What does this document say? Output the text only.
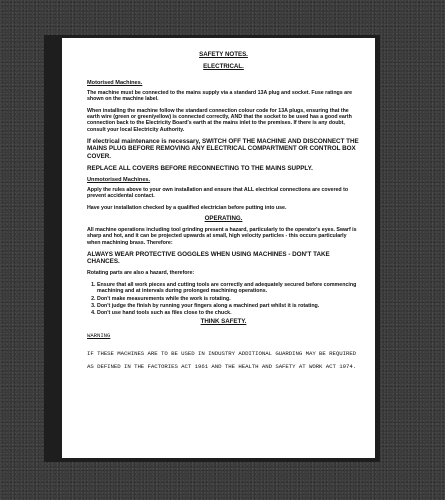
SAFETY NOTES.

ELECTRICAL.

Motorised Machines.

The machine must be connected to the mains supply via a standard 13A plug and socket. Fuse ratings are shown on the machine label.

When installing the machine follow the standard connection colour code for 13A plugs, ensuring that the earth wire (green or green/yellow) is connected correctly, AND that the socket to be used has a good earth connection back to the Electricity Board's earth at the mains inlet to the premises. If there is any doubt, consult your local Electricity Authority.

If electrical maintenance is necessary, SWITCH OFF THE MACHINE AND DISCONNECT THE MAINS PLUG BEFORE REMOVING ANY ELECTRICAL COMPARTMENT OR CONTROL BOX COVER.

REPLACE ALL COVERS BEFORE RECONNECTING TO THE MAINS SUPPLY.

Unmotorised Machines.

Apply the rules above to your own installation and ensure that ALL electrical connections are covered to prevent accidental contact.

Have your installation checked by a qualified electrician before putting into use.

OPERATING.

All machine operations including tool grinding present a hazard, particularly to the operator's eyes. Swarf is sharp and hot, and it can be projected upwards at small, high velocity particles - this occurs particularly when machining brass. Therefore:

ALWAYS WEAR PROTECTIVE GOGGLES WHEN USING MACHINES - DON'T TAKE CHANCES.

Rotating parts are also a hazard, therefore:

1. Ensure that all work pieces and cutting tools are correctly and adequately secured before commencing machining and at intervals during prolonged machining operations.
2. Don't make measurements while the work is rotating.
3. Don't judge the finish by running your fingers along a machined part whilst it is rotating.
4. Don't use hand tools such as files close to the chuck.

THINK SAFETY.

WARNING

IF THESE MACHINES ARE TO BE USED IN INDUSTRY ADDITIONAL GUARDING MAY BE REQUIRED AS DEFINED IN THE FACTORIES ACT 1961 AND THE HEALTH AND SAFETY AT WORK ACT 1974.
